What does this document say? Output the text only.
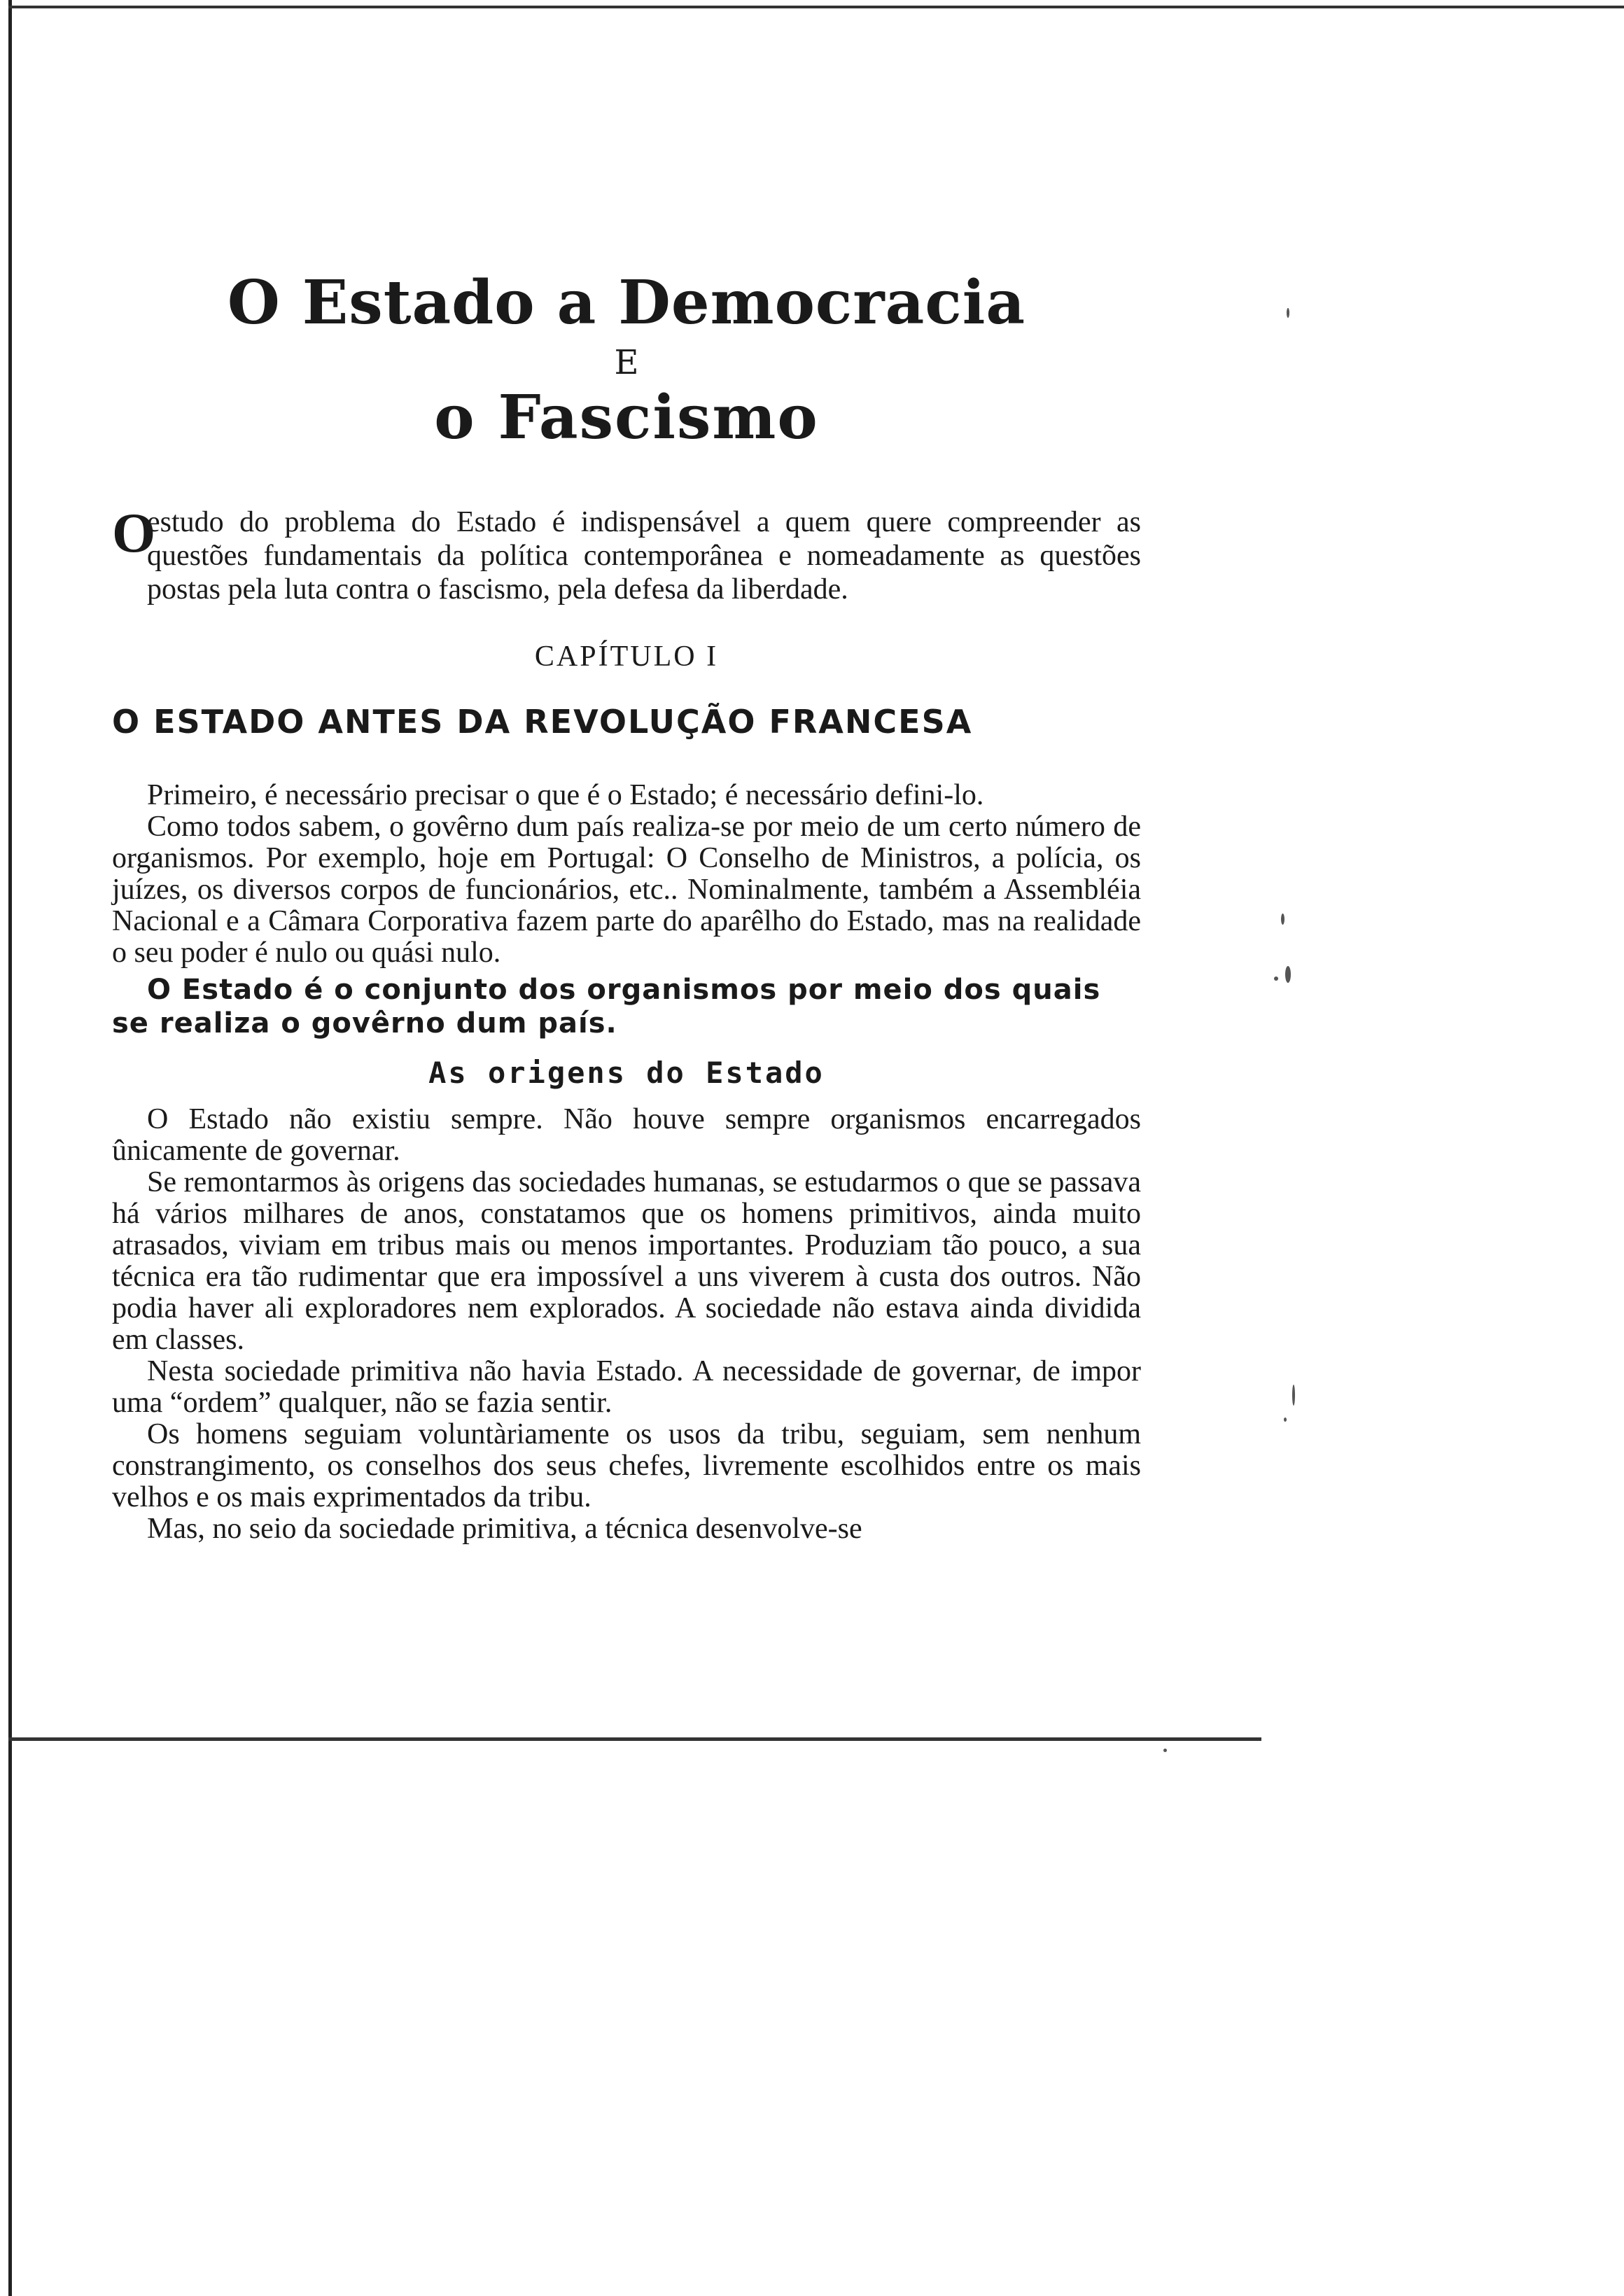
O Estado a Democracia
E
o Fascismo
O
estudo do problema do Estado é indispensável a quem quere compreender as questões fundamentais da política contemporânea e nomeadamente as questões postas pela luta contra o fascismo, pela defesa da liberdade.
CAPÍTULO I
O ESTADO ANTES DA REVOLUÇÃO FRANCESA

Primeiro, é necessário precisar o que é o Estado; é necessário defini-lo.

Como todos sabem, o govêrno dum país realiza-se por meio de um certo número de organismos. Por exemplo, hoje em Portugal: O Conselho de Ministros, a polícia, os juízes, os diversos corpos de funcionários, etc.. Nominalmente, também a Assembléia Nacional e a Câmara Corporativa fazem parte do aparêlho do Estado, mas na realidade o seu poder é nulo ou quási nulo.

O Estado é o conjunto dos organismos por meio dos quais se realiza o govêrno dum país.

As origens do Estado

O Estado não existiu sempre. Não houve sempre organismos encarregados ûnicamente de governar.

Se remontarmos às origens das sociedades humanas, se estudarmos o que se passava há vários milhares de anos, constatamos que os homens primitivos, ainda muito atrasados, viviam em tribus mais ou menos importantes. Produziam tão pouco, a sua técnica era tão rudimentar que era impossível a uns viverem à custa dos outros. Não podia haver ali exploradores nem explorados. A sociedade não estava ainda dividida em classes.

Nesta sociedade primitiva não havia Estado. A necessidade de governar, de impor uma “ordem” qualquer, não se fazia sentir.

Os homens seguiam voluntàriamente os usos da tribu, seguiam, sem nenhum constrangimento, os conselhos dos seus chefes, livremente escolhidos entre os mais velhos e os mais exprimentados da tribu.

Mas, no seio da sociedade primitiva, a técnica desenvolve-se
